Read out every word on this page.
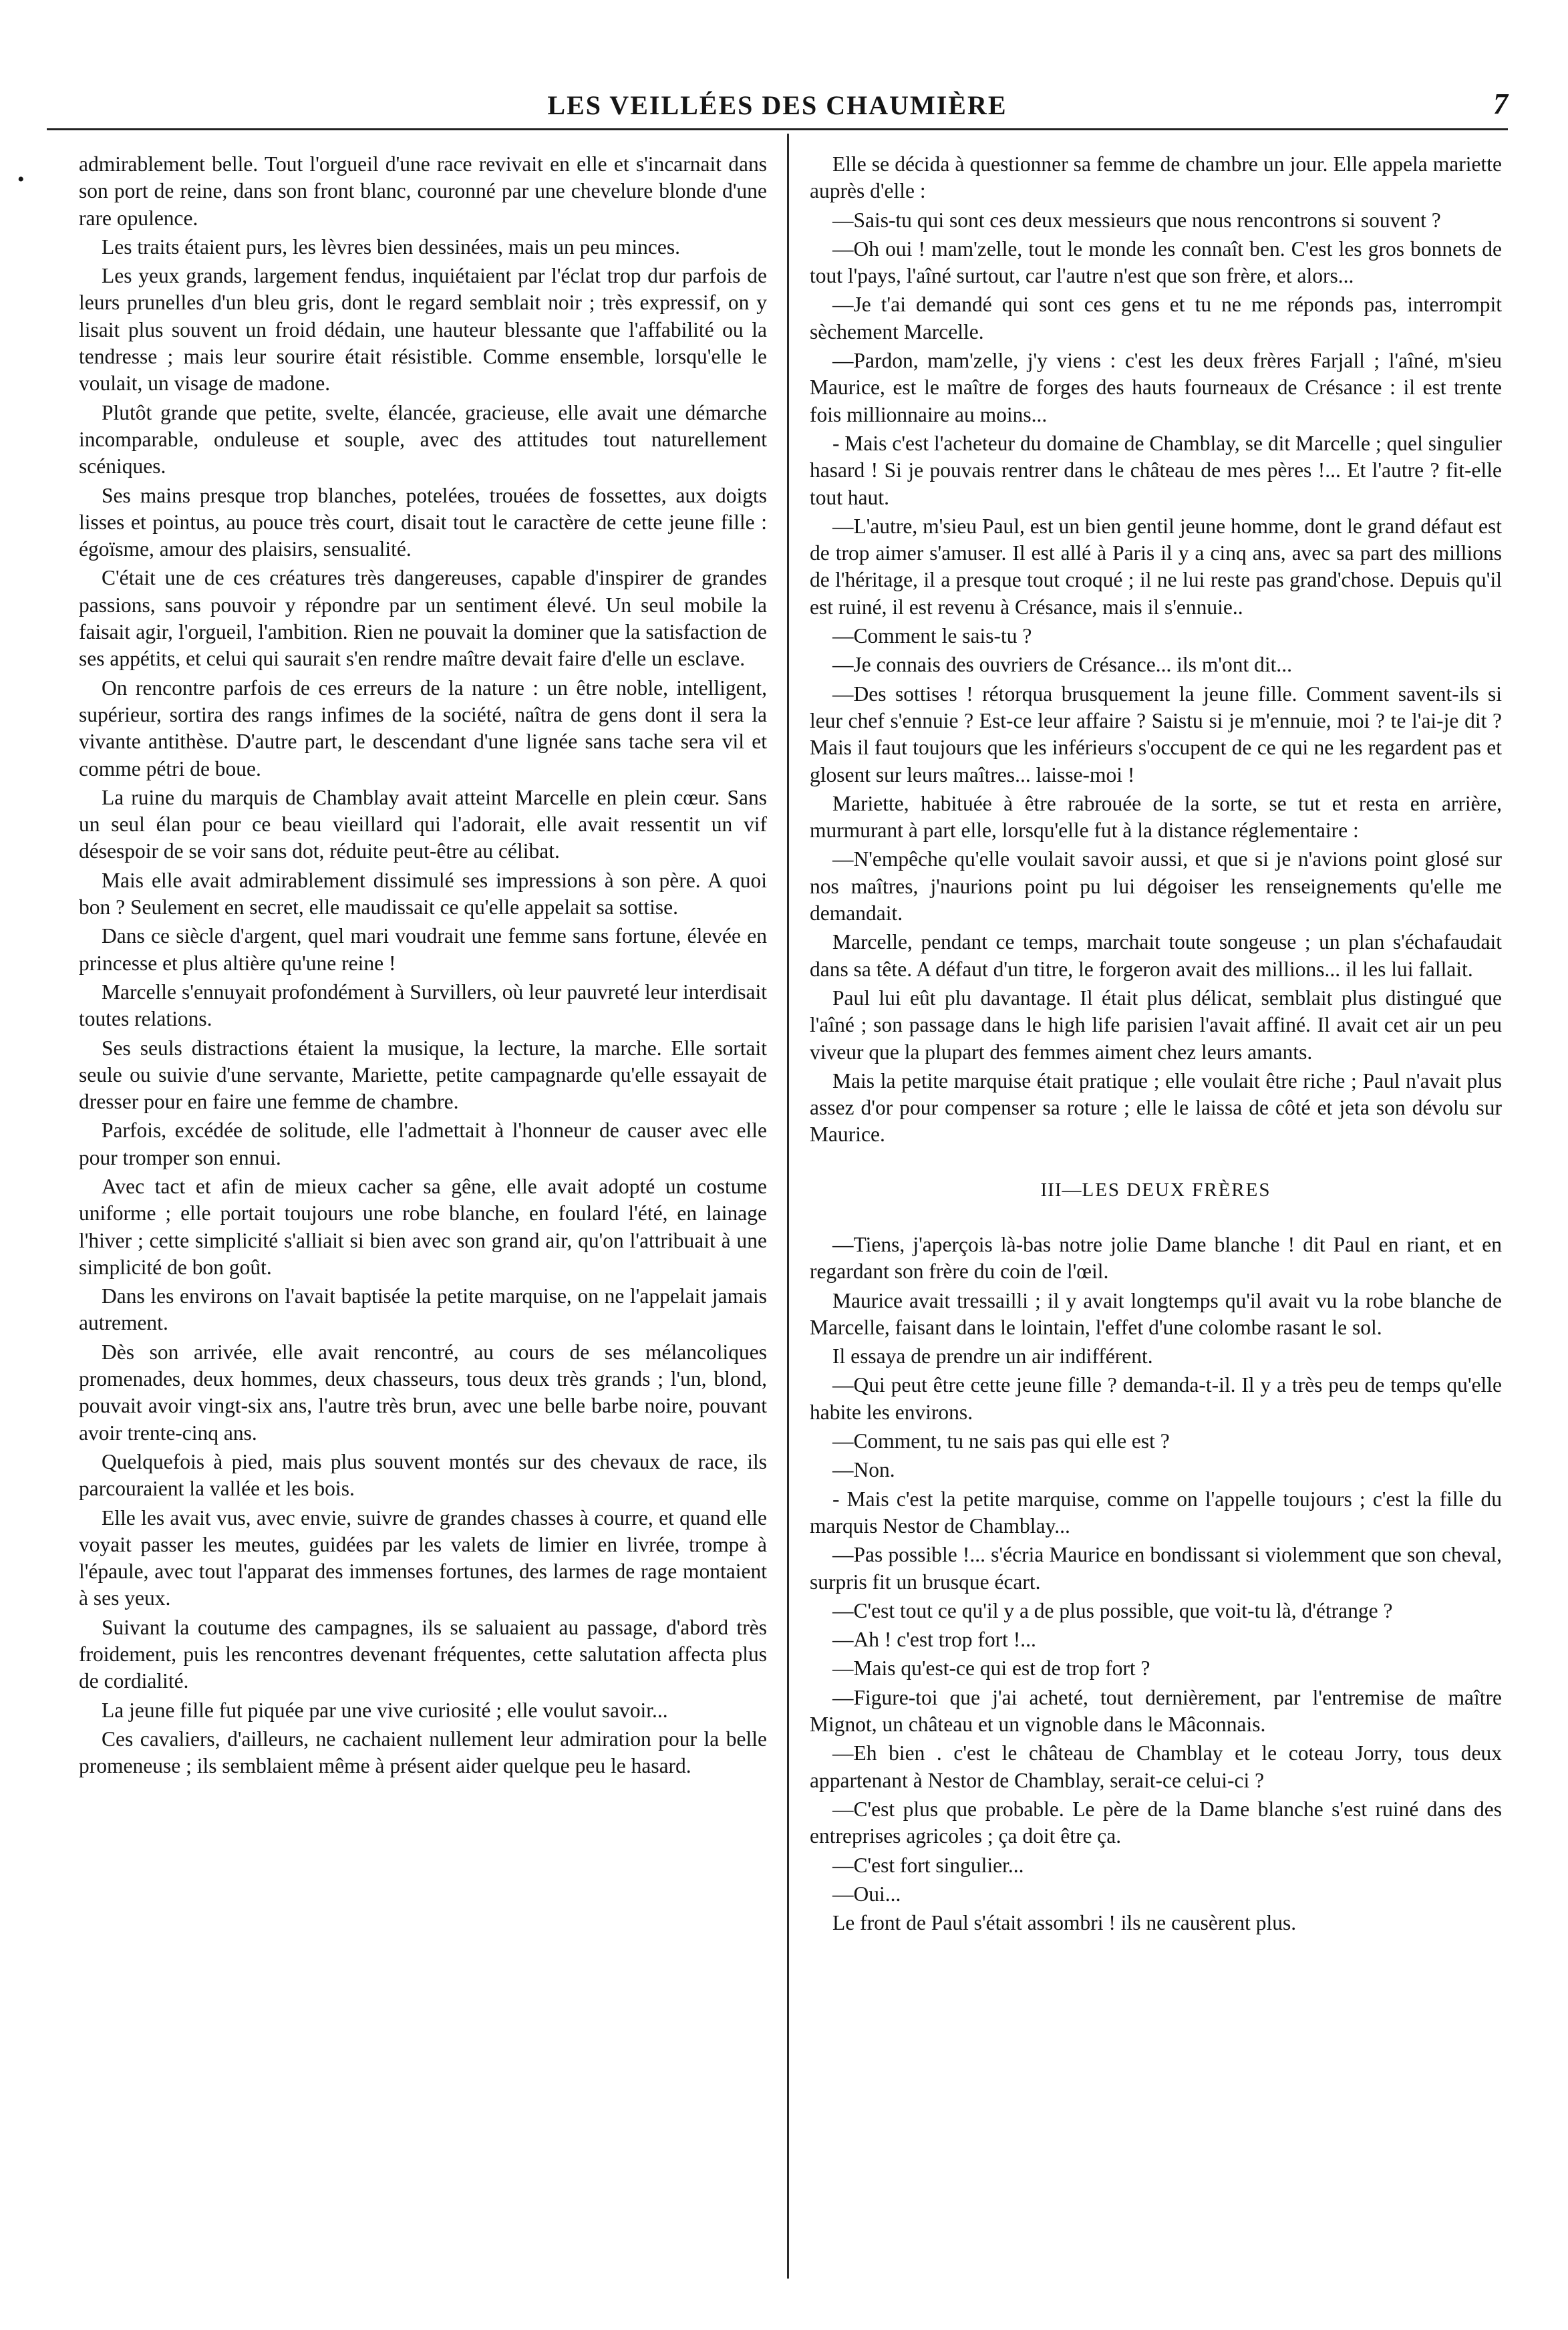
LES VEILLÉES DES CHAUMIÈRE	7
•

admirablement belle. Tout l'orgueil d'une race revivait en elle et s'incarnait dans son port de reine, dans son front blanc, couronné par une chevelure blonde d'une rare opulence.

Les traits étaient purs, les lèvres bien dessinées, mais un peu minces.

Les yeux grands, largement fendus, inquiétaient par l'éclat trop dur parfois de leurs prunelles d'un bleu gris, dont le regard semblait noir ; très expressif, on y lisait plus souvent un froid dédain, une hauteur blessante que l'affabilité ou la tendresse ; mais leur sourire était résistible. Comme ensemble, lorsqu'elle le voulait, un visage de madone.

Plutôt grande que petite, svelte, élancée, gracieuse, elle avait une démarche incomparable, onduleuse et souple, avec des attitudes tout naturellement scéniques.

Ses mains presque trop blanches, potelées, trouées de fossettes, aux doigts lisses et pointus, au pouce très court, disait tout le caractère de cette jeune fille : égoïsme, amour des plaisirs, sensualité.

C'était une de ces créatures très dangereuses, capable d'inspirer de grandes passions, sans pouvoir y répondre par un sentiment élevé. Un seul mobile la faisait agir, l'orgueil, l'ambition. Rien ne pouvait la dominer que la satisfaction de ses appétits, et celui qui saurait s'en rendre maître devait faire d'elle un esclave.

On rencontre parfois de ces erreurs de la nature : un être noble, intelligent, supérieur, sortira des rangs infimes de la société, naîtra de gens dont il sera la vivante antithèse. D'autre part, le descendant d'une lignée sans tache sera vil et comme pétri de boue.

La ruine du marquis de Chamblay avait atteint Marcelle en plein cœur. Sans un seul élan pour ce beau vieillard qui l'adorait, elle avait ressentit un vif désespoir de se voir sans dot, réduite peut-être au célibat.

Mais elle avait admirablement dissimulé ses impressions à son père. A quoi bon ? Seulement en secret, elle maudissait ce qu'elle appelait sa sottise.

Dans ce siècle d'argent, quel mari voudrait une femme sans fortune, élevée en princesse et plus altière qu'une reine !

Marcelle s'ennuyait profondément à Survillers, où leur pauvreté leur interdisait toutes relations.

Ses seuls distractions étaient la musique, la lecture, la marche. Elle sortait seule ou suivie d'une servante, Mariette, petite campagnarde qu'elle essayait de dresser pour en faire une femme de chambre.

Parfois, excédée de solitude, elle l'admettait à l'honneur de causer avec elle pour tromper son ennui.

Avec tact et afin de mieux cacher sa gêne, elle avait adopté un costume uniforme ; elle portait toujours une robe blanche, en foulard l'été, en lainage l'hiver ; cette simplicité s'alliait si bien avec son grand air, qu'on l'attribuait à une simplicité de bon goût.

Dans les environs on l'avait baptisée la petite marquise, on ne l'appelait jamais autrement.

Dès son arrivée, elle avait rencontré, au cours de ses mélancoliques promenades, deux hommes, deux chasseurs, tous deux très grands ; l'un, blond, pouvait avoir vingt-six ans, l'autre très brun, avec une belle barbe noire, pouvant avoir trente-cinq ans.

Quelquefois à pied, mais plus souvent montés sur des chevaux de race, ils parcouraient la vallée et les bois.

Elle les avait vus, avec envie, suivre de grandes chasses à courre, et quand elle voyait passer les meutes, guidées par les valets de limier en livrée, trompe à l'épaule, avec tout l'apparat des immenses fortunes, des larmes de rage montaient à ses yeux.

Suivant la coutume des campagnes, ils se saluaient au passage, d'abord très froidement, puis les rencontres devenant fréquentes, cette salutation affecta plus de cordialité.

La jeune fille fut piquée par une vive curiosité ; elle voulut savoir...

Ces cavaliers, d'ailleurs, ne cachaient nullement leur admiration pour la belle promeneuse ; ils semblaient même à présent aider quelque peu le hasard.

Elle se décida à questionner sa femme de chambre un jour. Elle appela mariette auprès d'elle :

—Sais-tu qui sont ces deux messieurs que nous rencontrons si souvent ?

—Oh oui ! mam'zelle, tout le monde les connaît ben. C'est les gros bonnets de tout l'pays, l'aîné surtout, car l'autre n'est que son frère, et alors...

—Je t'ai demandé qui sont ces gens et tu ne me réponds pas, interrompit sèchement Marcelle.

—Pardon, mam'zelle, j'y viens : c'est les deux frères Farjall ; l'aîné, m'sieu Maurice, est le maître de forges des hauts fourneaux de Crésance : il est trente fois millionnaire au moins...

- Mais c'est l'acheteur du domaine de Chamblay, se dit Marcelle ; quel singulier hasard ! Si je pouvais rentrer dans le château de mes pères !... Et l'autre ? fit-elle tout haut.

—L'autre, m'sieu Paul, est un bien gentil jeune homme, dont le grand défaut est de trop aimer s'amuser. Il est allé à Paris il y a cinq ans, avec sa part des millions de l'héritage, il a presque tout croqué ; il ne lui reste pas grand'chose. Depuis qu'il est ruiné, il est revenu à Crésance, mais il s'ennuie..

—Comment le sais-tu ?

—Je connais des ouvriers de Crésance... ils m'ont dit...

—Des sottises ! rétorqua brusquement la jeune fille. Comment savent-ils si leur chef s'ennuie ? Est-ce leur affaire ? Saistu si je m'ennuie, moi ? te l'ai-je dit ? Mais il faut toujours que les inférieurs s'occupent de ce qui ne les regardent pas et glosent sur leurs maîtres... laisse-moi !

Mariette, habituée à être rabrouée de la sorte, se tut et resta en arrière, murmurant à part elle, lorsqu'elle fut à la distance réglementaire :

—N'empêche qu'elle voulait savoir aussi, et que si je n'avions point glosé sur nos maîtres, j'naurions point pu lui dégoiser les renseignements qu'elle me demandait.

Marcelle, pendant ce temps, marchait toute songeuse ; un plan s'échafaudait dans sa tête. A défaut d'un titre, le forgeron avait des millions... il les lui fallait.

Paul lui eût plu davantage. Il était plus délicat, semblait plus distingué que l'aîné ; son passage dans le high life parisien l'avait affiné. Il avait cet air un peu viveur que la plupart des femmes aiment chez leurs amants.

Mais la petite marquise était pratique ; elle voulait être riche ; Paul n'avait plus assez d'or pour compenser sa roture ; elle le laissa de côté et jeta son dévolu sur Maurice.

III—LES DEUX FRÈRES

—Tiens, j'aperçois là-bas notre jolie Dame blanche ! dit Paul en riant, et en regardant son frère du coin de l'œil.

Maurice avait tressailli ; il y avait longtemps qu'il avait vu la robe blanche de Marcelle, faisant dans le lointain, l'effet d'une colombe rasant le sol.

Il essaya de prendre un air indifférent.

—Qui peut être cette jeune fille ? demanda-t-il. Il y a très peu de temps qu'elle habite les environs.

—Comment, tu ne sais pas qui elle est ?

—Non.

- Mais c'est la petite marquise, comme on l'appelle toujours ; c'est la fille du marquis Nestor de Chamblay...

—Pas possible !... s'écria Maurice en bondissant si violemment que son cheval, surpris fit un brusque écart.

—C'est tout ce qu'il y a de plus possible, que voit-tu là, d'étrange ?

—Ah ! c'est trop fort !...

—Mais qu'est-ce qui est de trop fort ?

—Figure-toi que j'ai acheté, tout dernièrement, par l'entremise de maître Mignot, un château et un vignoble dans le Mâconnais.

—Eh bien . c'est le château de Chamblay et le coteau Jorry, tous deux appartenant à Nestor de Chamblay, serait-ce celui-ci ?

—C'est plus que probable. Le père de la Dame blanche s'est ruiné dans des entreprises agricoles ; ça doit être ça.

—C'est fort singulier...

—Oui...

Le front de Paul s'était assombri ! ils ne causèrent plus.
